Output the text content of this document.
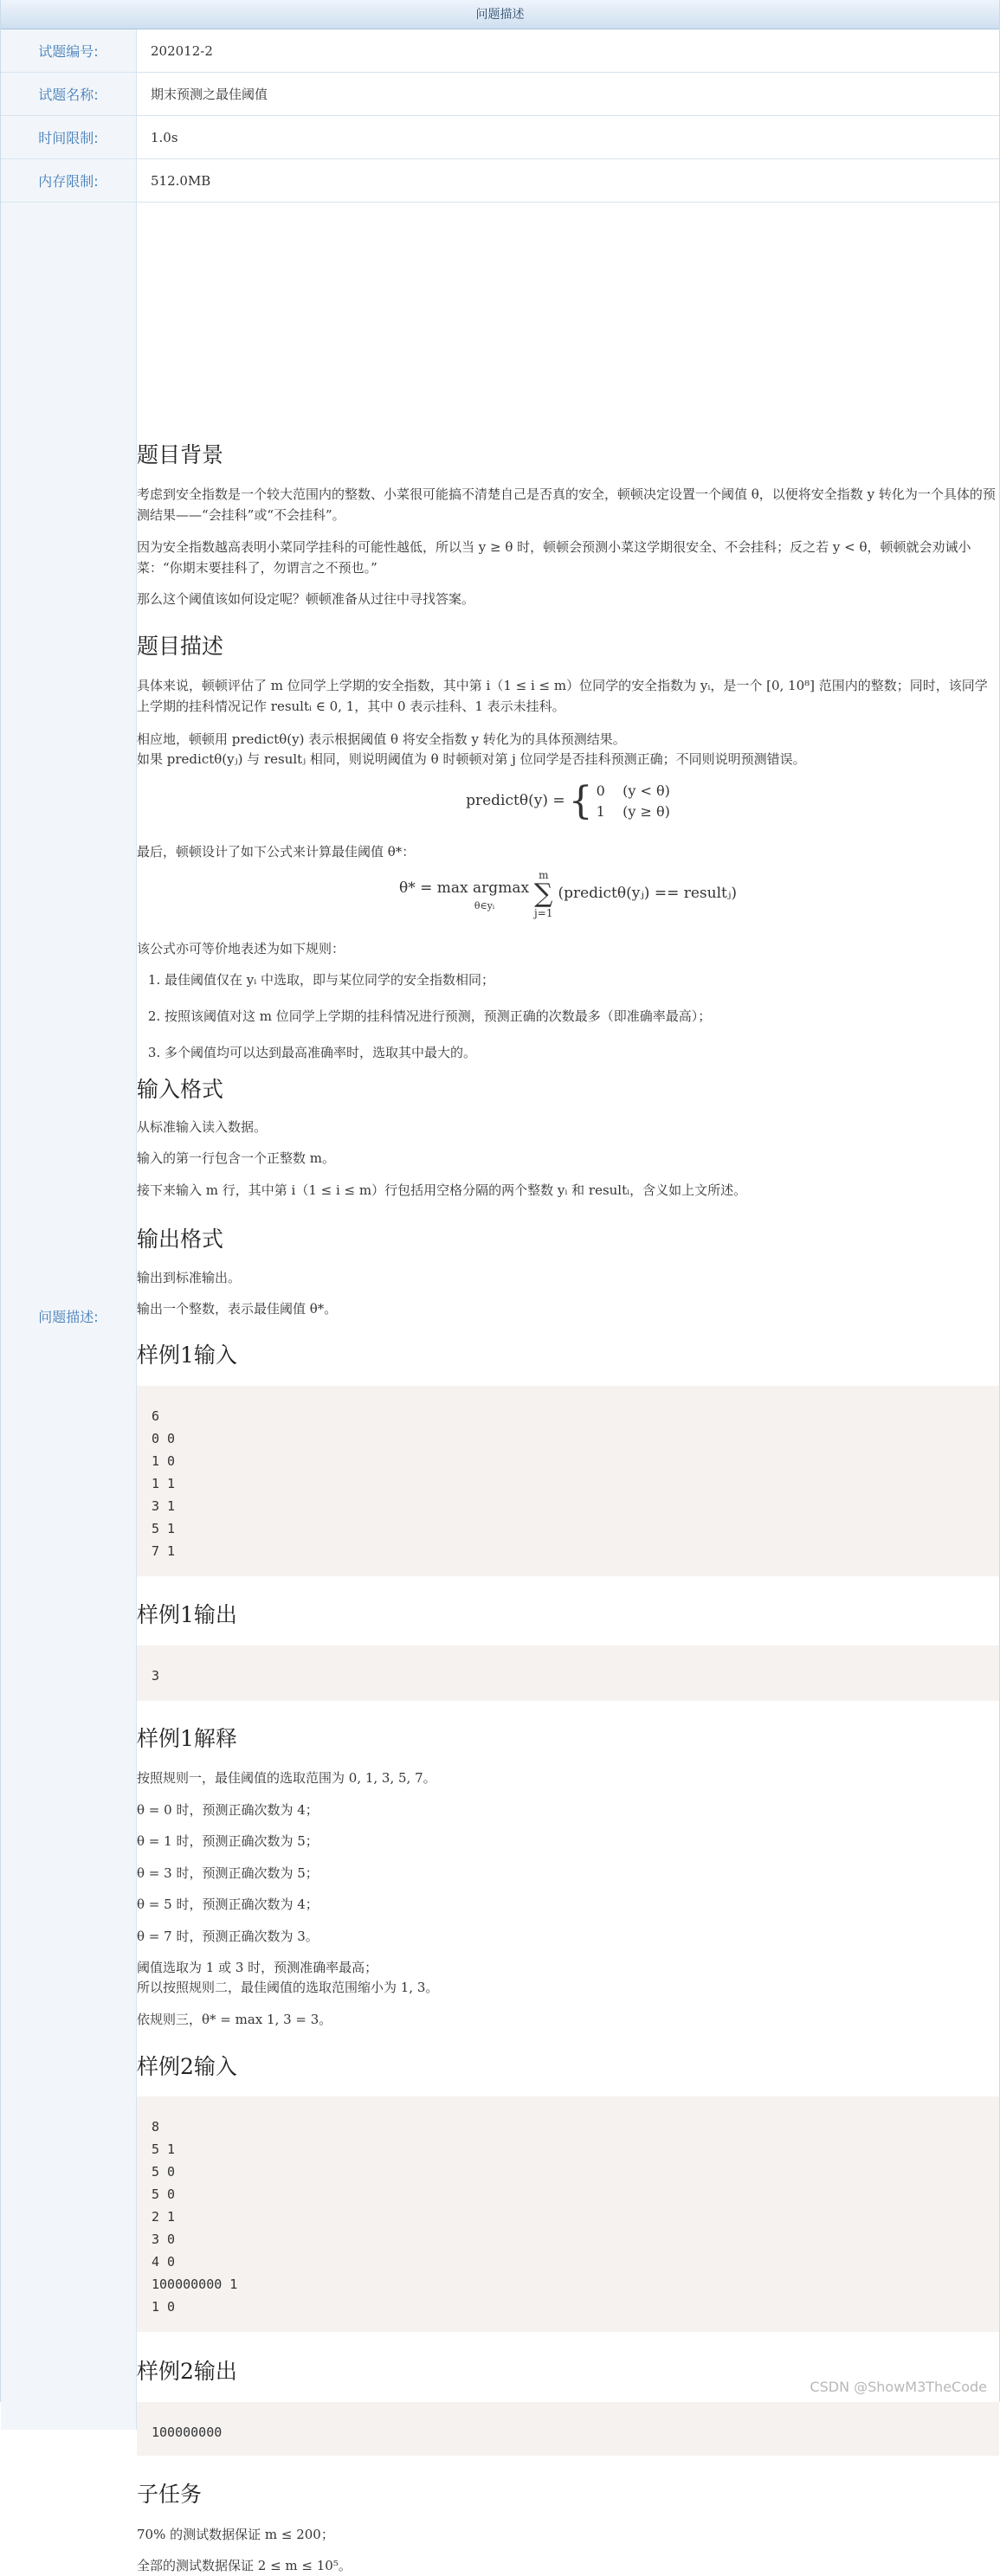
问题描述
试题编号:	202012-2
试题名称:	期末预测之最佳阈值
时间限制:	1.0s
内存限制:	512.0MB
问题描述:
题目背景

考虑到安全指数是一个较大范围内的整数、小菜很可能搞不清楚自己是否真的安全，顿顿决定设置一个阈值 θ，以便将安全指数 y 转化为一个具体的预测结果——“会挂科”或“不会挂科”。

因为安全指数越高表明小菜同学挂科的可能性越低，所以当 y ≥ θ 时，顿顿会预测小菜这学期很安全、不会挂科；反之若 y < θ，顿顿就会劝诫小菜：“你期末要挂科了，勿谓言之不预也。”

那么这个阈值该如何设定呢？顿顿准备从过往中寻找答案。

题目描述

具体来说，顿顿评估了 m 位同学上学期的安全指数，其中第 i（1 ≤ i ≤ m）位同学的安全指数为 yᵢ，是一个 [0, 10⁸] 范围内的整数；同时，该同学上学期的挂科情况记作 resultᵢ ∈ 0, 1，其中 0 表示挂科、1 表示未挂科。

相应地，顿顿用 predictθ(y) 表示根据阈值 θ 将安全指数 y 转化为的具体预测结果。

如果 predictθ(yⱼ) 与 resultⱼ 相同，则说明阈值为 θ 时顿顿对第 j 位同学是否挂科预测正确；不同则说明预测错误。

predictθ(y) = { 0    (y < θ)
1    (y ≥ θ)

最后，顿顿设计了如下公式来计算最佳阈值 θ*：

θ* = max argmax
θ∈yᵢ
m
∑
j=1
(predictθ(yⱼ) == resultⱼ)

该公式亦可等价地表述为如下规则：

1. 最佳阈值仅在 yᵢ 中选取，即与某位同学的安全指数相同；
2. 按照该阈值对这 m 位同学上学期的挂科情况进行预测，预测正确的次数最多（即准确率最高）；
3. 多个阈值均可以达到最高准确率时，选取其中最大的。
输入格式

从标准输入读入数据。

输入的第一行包含一个正整数 m。

接下来输入 m 行，其中第 i（1 ≤ i ≤ m）行包括用空格分隔的两个整数 yᵢ 和 resultᵢ，含义如上文所述。

输出格式

输出到标准输出。

输出一个整数，表示最佳阈值 θ*。

样例1输入
6
0 0
1 0
1 1
3 1
5 1
7 1
样例1输出
3
样例1解释

按照规则一，最佳阈值的选取范围为 0, 1, 3, 5, 7。

θ = 0 时，预测正确次数为 4；

θ = 1 时，预测正确次数为 5；

θ = 3 时，预测正确次数为 5；

θ = 5 时，预测正确次数为 4；

θ = 7 时，预测正确次数为 3。

阈值选取为 1 或 3 时，预测准确率最高；

所以按照规则二，最佳阈值的选取范围缩小为 1, 3。

依规则三，θ* = max 1, 3 = 3。

样例2输入
8
5 1
5 0
5 0
2 1
3 0
4 0
100000000 1
1 0
样例2输出
100000000
子任务

70% 的测试数据保证 m ≤ 200；

全部的测试数据保证 2 ≤ m ≤ 10⁵。

CSDN @ShowM3TheCode
